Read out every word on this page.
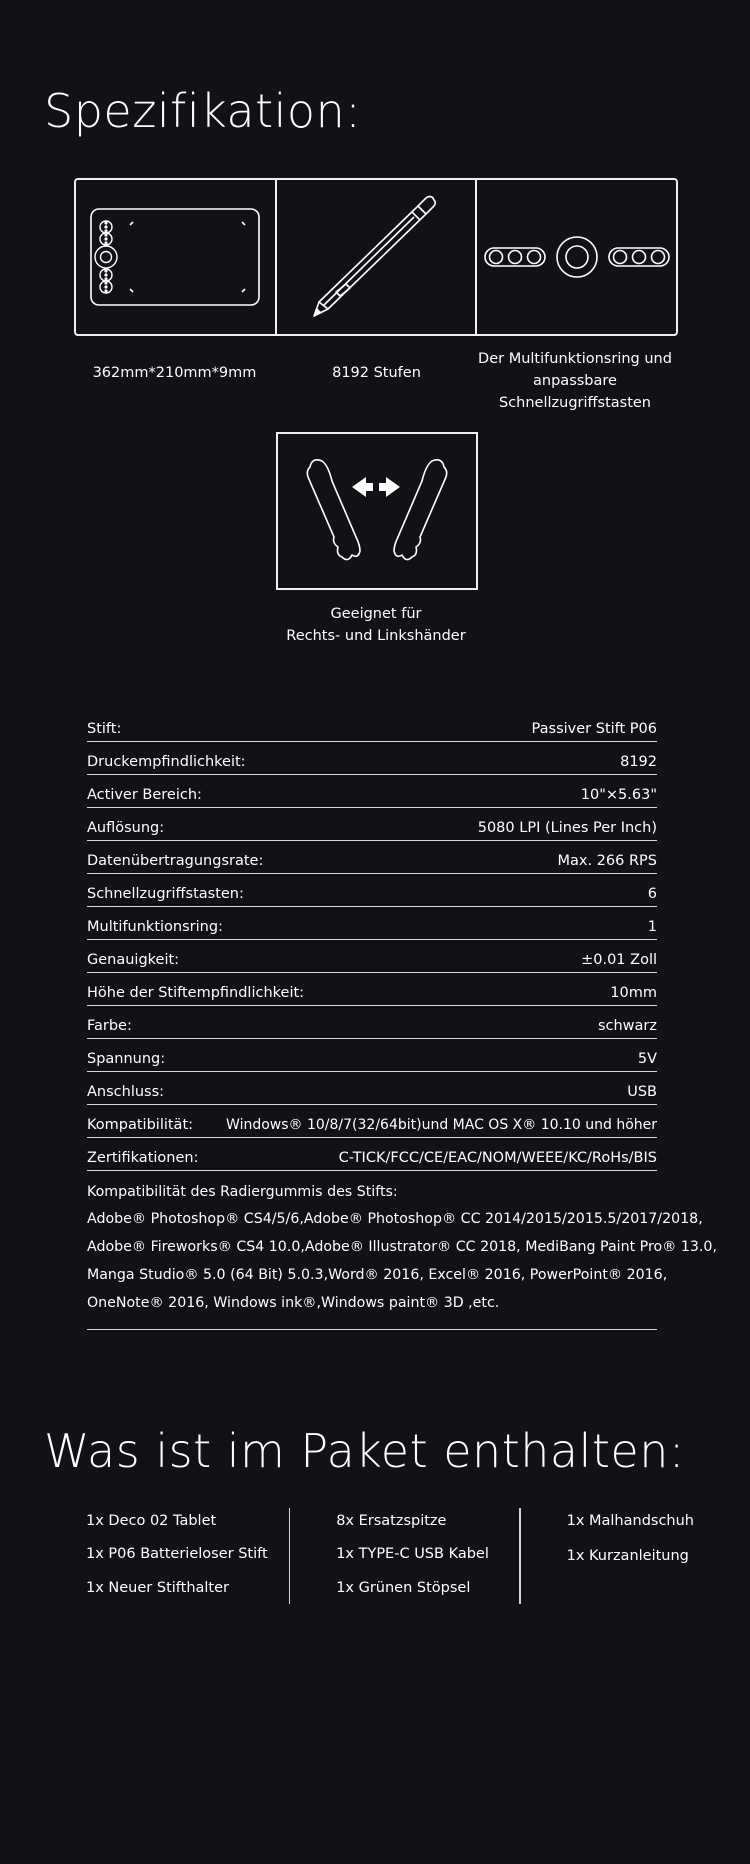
Spezifikation:
362mm*210mm*9mm	8192 Stufen
Der Multifunktionsring und
anpassbare Schnellzugriffstasten
Geeignet für
Rechts- und Linkshänder
Stift:	Passiver Stift P06
Druckempfindlichkeit:	8192
Activer Bereich:	10"×5.63"
Auflösung:	5080 LPI (Lines Per Inch)
Datenübertragungsrate:	Max. 266 RPS
Schnellzugriffstasten:	6
Multifunktionsring:	1
Genauigkeit:	±0.01 Zoll
Höhe der Stiftempfindlichkeit:	10mm
Farbe:	schwarz
Spannung:	5V
Anschluss:	USB
Kompatibilität: Windows® 10/8/7(32/64bit)und MAC OS X® 10.10 und höher
Zertifikationen:	C-TICK/FCC/CE/EAC/NOM/WEEE/KC/RoHs/BIS
Kompatibilität des Radiergummis des Stifts:
Adobe® Photoshop® CS4/5/6,Adobe® Photoshop® CC 2014/2015/2015.5/2017/2018,
Adobe® Fireworks® CS4 10.0,Adobe® Illustrator® CC 2018, MediBang Paint Pro® 13.0,
Manga Studio® 5.0 (64 Bit) 5.0.3,Word® 2016, Excel® 2016, PowerPoint® 2016,
OneNote® 2016, Windows ink®,Windows paint® 3D ,etc.
Was ist im Paket enthalten:
1x Deco 02 Tablet
1x P06 Batterieloser Stift
1x Neuer Stifthalter
8x Ersatzspitze
1x TYPE-C USB Kabel
1x Grünen Stöpsel
1x Malhandschuh
1x Kurzanleitung
